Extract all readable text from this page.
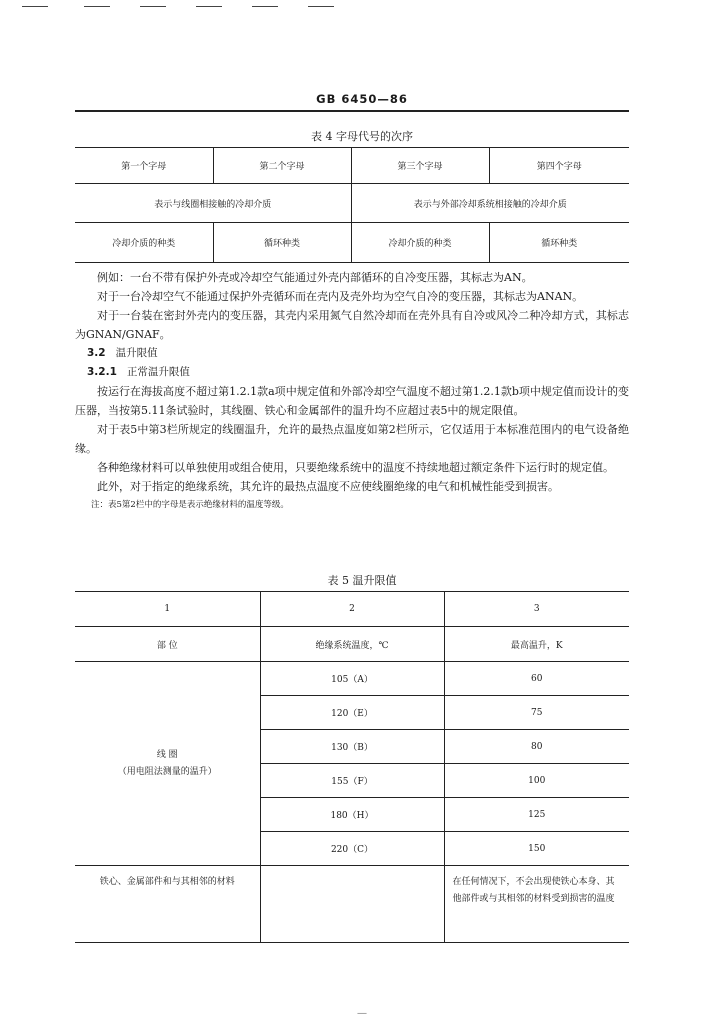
GB 6450—86
表 4 字母代号的次序
第一个字母	第二个字母	第三个字母	第四个字母
表示与线圈相接触的冷却介质		表示与外部冷却系统相接触的冷却介质	
冷却介质的种类	循环种类	冷却介质的种类	循环种类

例如：一台不带有保护外壳或冷却空气能通过外壳内部循环的自冷变压器，其标志为AN。

对于一台冷却空气不能通过保护外壳循环而在壳内及壳外均为空气自冷的变压器，其标志为ANAN。

对于一台装在密封外壳内的变压器，其壳内采用氮气自然冷却而在壳外具有自冷或风冷二种冷却方式，其标志为GNAN/GNAF。

3.2 温升限值

3.2.1 正常温升限值

按运行在海拔高度不超过第1.2.1款a项中规定值和外部冷却空气温度不超过第1.2.1款b项中规定值而设计的变压器，当按第5.11条试验时，其线圈、铁心和金属部件的温升均不应超过表5中的规定限值。

对于表5中第3栏所规定的线圈温升，允许的最热点温度如第2栏所示，它仅适用于本标准范围内的电气设备绝缘。

各种绝缘材料可以单独使用或组合使用，只要绝缘系统中的温度不持续地超过额定条件下运行时的规定值。

此外，对于指定的绝缘系统，其允许的最热点温度不应使线圈绝缘的电气和机械性能受到损害。

注：表5第2栏中的字母是表示绝缘材料的温度等级。

表 5 温升限值
1	2	3
部 位	绝缘系统温度，℃	最高温升，K

线 圈
（用电阻法测量的温升）	105（A）	60
	120（E）	75
	130（B）	80
	155（F）	100
	180（H）	125
	220（C）	150
铁心、金属部件和与其相邻的材料		在任何情况下，不会出现使铁心本身、其他部件或与其相邻的材料受到损害的温度
—
